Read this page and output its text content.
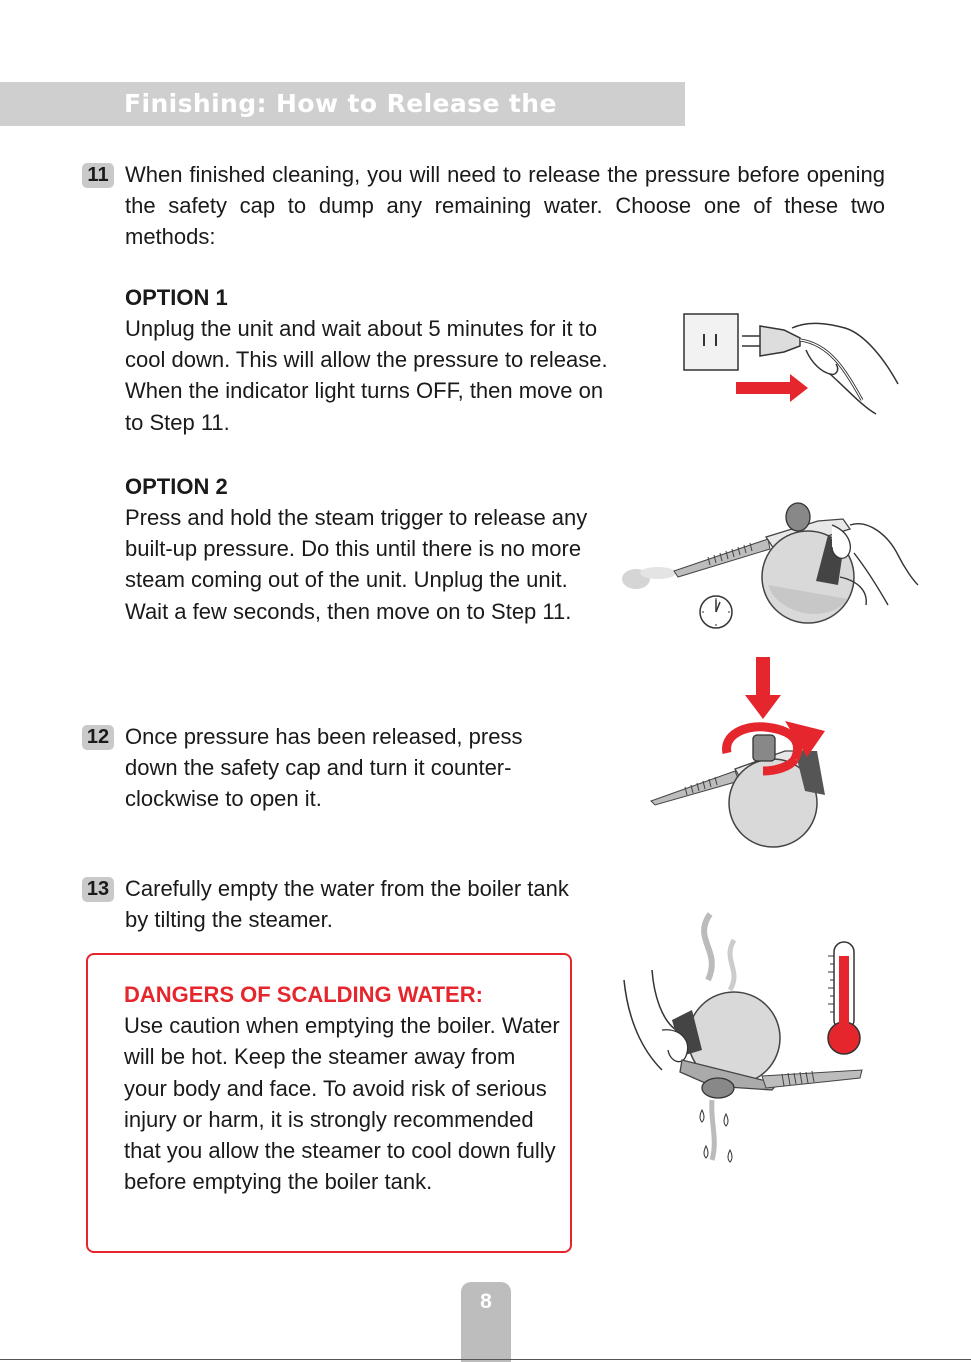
Finishing: How to Release the Pressure
11 When finished cleaning, you will need to release the pressure before opening the safety cap to dump any remaining water. Choose one of these two methods:
OPTION 1
Unplug the unit and wait about 5 minutes for it to cool down. This will allow the pressure to release. When the indicator light turns OFF, then move on to Step 11.
OPTION 2
Press and hold the steam trigger to release any built-up pressure. Do this until there is no more steam coming out of the unit. Unplug the unit. Wait a few seconds, then move on to Step 11.
12 Once pressure has been released, press down the safety cap and turn it counter-clockwise to open it.
13 Carefully empty the water from the boiler tank by tilting the steamer.
DANGERS OF SCALDING WATER:
Use caution when emptying the boiler. Water will be hot. Keep the steamer away from your body and face. To avoid risk of serious injury or harm, it is strongly recommended that you allow the steamer to cool down fully before emptying the boiler tank.
8
